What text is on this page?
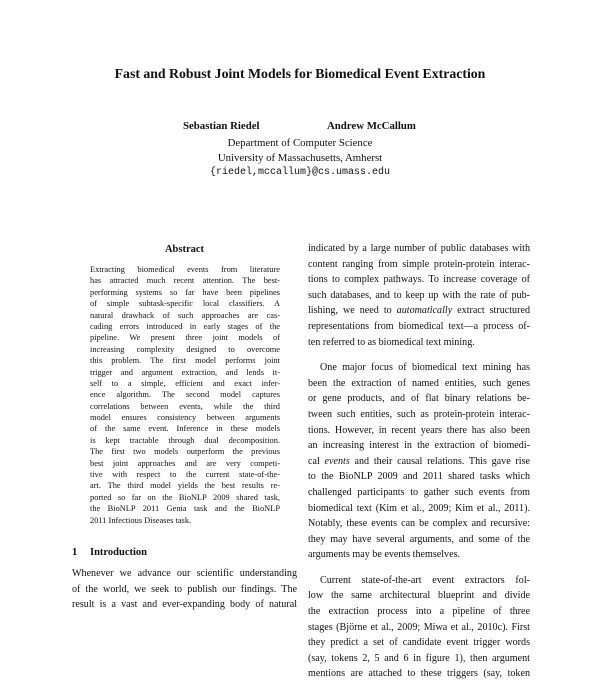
Fast and Robust Joint Models for Biomedical Event Extraction
Sebastian Riedel	Andrew McCallum
Department of Computer Science
University of Massachusetts, Amherst
{riedel,mccallum}@cs.umass.edu
Abstract
Extracting biomedical events from literature
has attracted much recent attention. The best-
performing systems so far have been pipelines
of simple subtask-specific local classifiers. A
natural drawback of such approaches are cas-
cading errors introduced in early stages of the
pipeline. We present three joint models of
increasing complexity designed to overcome
this problem. The first model performs joint
trigger and argument extraction, and lends it-
self to a simple, efficient and exact infer-
ence algorithm. The second model captures
correlations between events, while the third
model ensures consistency between arguments
of the same event. Inference in these models
is kept tractable through dual decomposition.
The first two models outperform the previous
best joint approaches and are very competi-
tive with respect to the current state-of-the-
art. The third model yields the best results re-
ported so far on the BioNLP 2009 shared task,
the BioNLP 2011 Genia task and the BioNLP
2011 Infectious Diseases task.
1 Introduction
Whenever we advance our scientific understanding
of the world, we seek to publish our findings. The
result is a vast and ever-expanding body of natural
indicated by a large number of public databases with
content ranging from simple protein-protein interac-
tions to complex pathways. To increase coverage of
such databases, and to keep up with the rate of pub-
lishing, we need to automatically extract structured
representations from biomedical text—a process of-
ten referred to as biomedical text mining.
One major focus of biomedical text mining has
been the extraction of named entities, such genes
or gene products, and of flat binary relations be-
tween such entities, such as protein-protein interac-
tions. However, in recent years there has also been
an increasing interest in the extraction of biomedi-
cal events and their causal relations. This gave rise
to the BioNLP 2009 and 2011 shared tasks which
challenged participants to gather such events from
biomedical text (Kim et al., 2009; Kim et al., 2011).
Notably, these events can be complex and recursive:
they may have several arguments, and some of the
arguments may be events themselves.
Current state-of-the-art event extractors fol-
low the same architectural blueprint and divide
the extraction process into a pipeline of three
stages (Björne et al., 2009; Miwa et al., 2010c). First
they predict a set of candidate event trigger words
(say, tokens 2, 5 and 6 in figure 1), then argument
mentions are attached to these triggers (say, token
